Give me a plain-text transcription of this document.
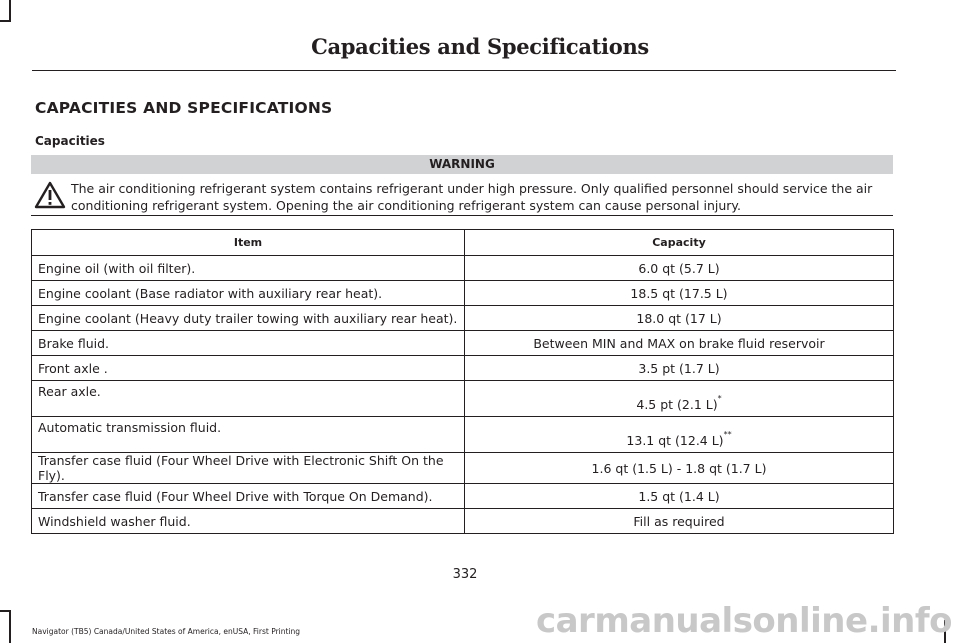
Capacities and Specifications
CAPACITIES AND SPECIFICATIONS
Capacities
WARNING
The air conditioning refrigerant system contains refrigerant under high pressure. Only qualified personnel should service the air conditioning refrigerant system. Opening the air conditioning refrigerant system can cause personal injury.
Item	Capacity
Engine oil (with oil filter).	6.0 qt (5.7 L)
Engine coolant (Base radiator with auxiliary rear heat).	18.5 qt (17.5 L)
Engine coolant (Heavy duty trailer towing with auxiliary rear heat).	18.0 qt (17 L)
Brake fluid.	Between MIN and MAX on brake fluid reservoir
Front axle .	3.5 pt (1.7 L)
Rear axle.	4.5 pt (2.1 L)*
Automatic transmission fluid.	13.1 qt (12.4 L)**
Transfer case fluid (Four Wheel Drive with Electronic Shift On the Fly).	1.6 qt (1.5 L) - 1.8 qt (1.7 L)
Transfer case fluid (Four Wheel Drive with Torque On Demand).	1.5 qt (1.4 L)
Windshield washer fluid.	Fill as required
332
Navigator (TB5) Canada/United States of America, enUSA, First Printing	carmanualsonline.info
